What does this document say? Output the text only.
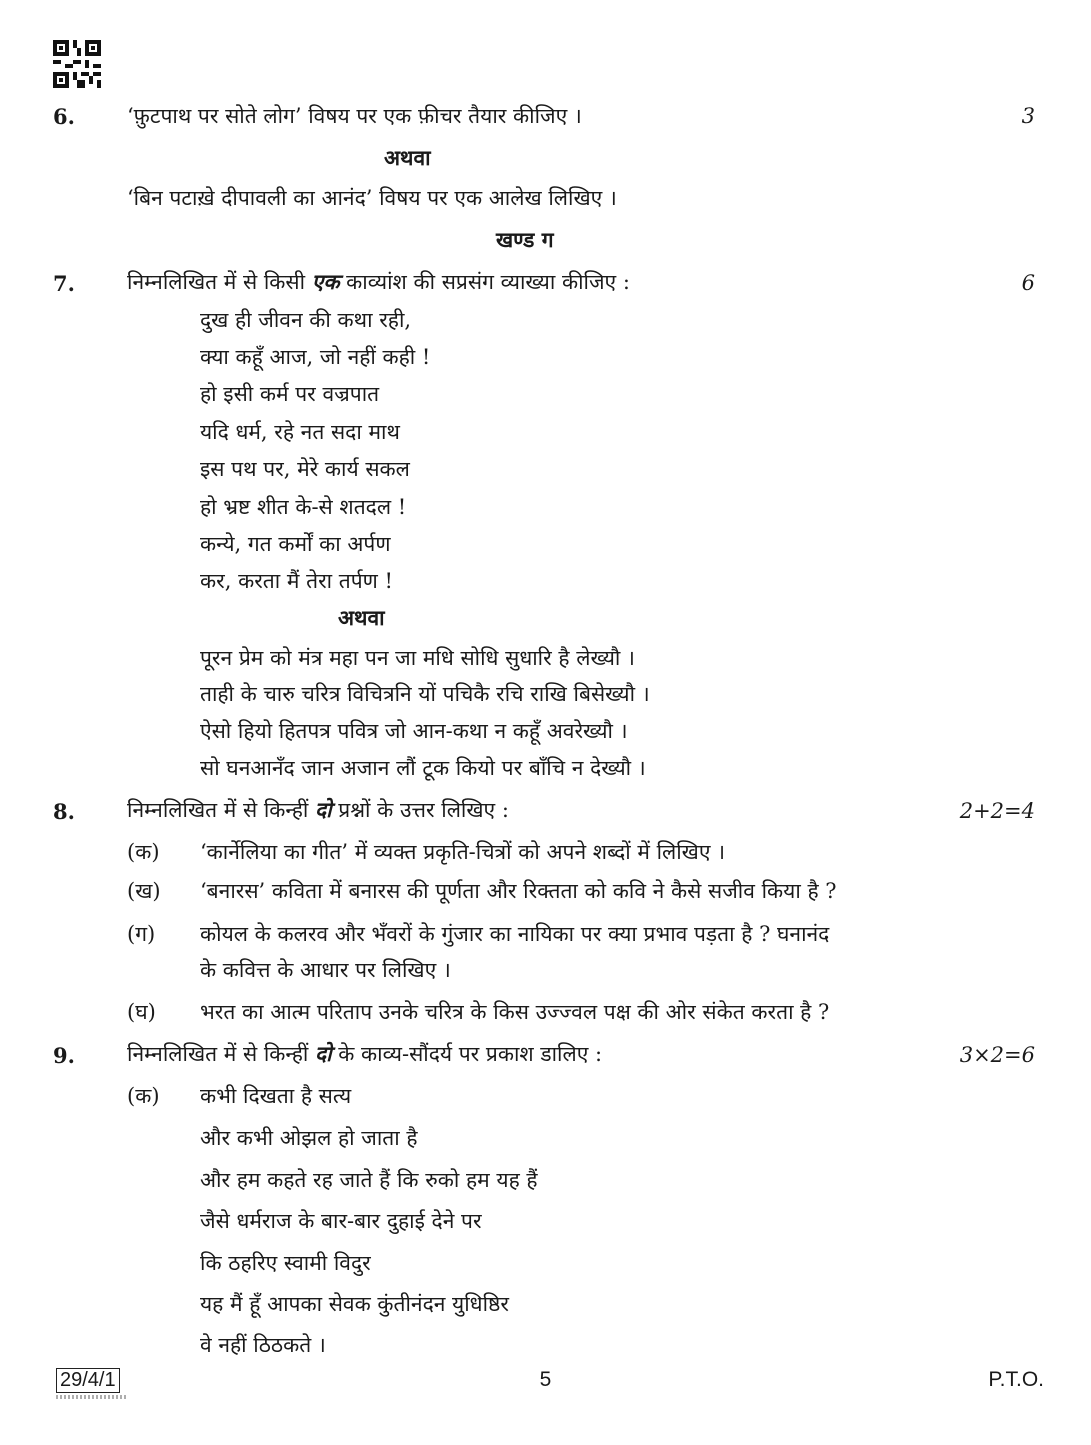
6. ‘फ़ुटपाथ पर सोते लोग’ विषय पर एक फ़ीचर तैयार कीजिए ।	3
अथवा
‘बिन पटाख़े दीपावली का आनंद’ विषय पर एक आलेख लिखिए ।
खण्ड ग
7. निम्नलिखित में से किसी एक काव्यांश की सप्रसंग व्याख्या कीजिए :	6
दुख ही जीवन की कथा रही,
क्या कहूँ आज, जो नहीं कही !
हो इसी कर्म पर वज्रपात
यदि धर्म, रहे नत सदा माथ
इस पथ पर, मेरे कार्य सकल
हो भ्रष्ट शीत के-से शतदल !
कन्ये, गत कर्मों का अर्पण
कर, करता मैं तेरा तर्पण !
अथवा
पूरन प्रेम को मंत्र महा पन जा मधि सोधि सुधारि है लेख्यौ ।
ताही के चारु चरित्र विचित्रनि यों पचिकै रचि राखि बिसेख्यौ ।
ऐसो हियो हितपत्र पवित्र जो आन-कथा न कहूँ अवरेख्यौ ।
सो घनआनँद जान अजान लौं टूक कियो पर बाँचि न देख्यौ ।
8. निम्नलिखित में से किन्हीं दो प्रश्नों के उत्तर लिखिए :	2+2=4
(क) ‘कार्नेलिया का गीत’ में व्यक्त प्रकृति-चित्रों को अपने शब्दों में लिखिए ।
(ख) ‘बनारस’ कविता में बनारस की पूर्णता और रिक्तता को कवि ने कैसे सजीव किया है ?
(ग) कोयल के कलरव और भँवरों के गुंजार का नायिका पर क्या प्रभाव पड़ता है ? घनानंद
के कवित्त के आधार पर लिखिए ।
(घ) भरत का आत्म परिताप उनके चरित्र के किस उज्ज्वल पक्ष की ओर संकेत करता है ?
9. निम्नलिखित में से किन्हीं दो के काव्य-सौंदर्य पर प्रकाश डालिए :	3×2=6
(क) कभी दिखता है सत्य
और कभी ओझल हो जाता है
और हम कहते रह जाते हैं कि रुको हम यह हैं
जैसे धर्मराज के बार-बार दुहाई देने पर
कि ठहरिए स्वामी विदुर
यह मैं हूँ आपका सेवक कुंतीनंदन युधिष्ठिर
वे नहीं ठिठकते ।
29/4/1	5	P.T.O.
